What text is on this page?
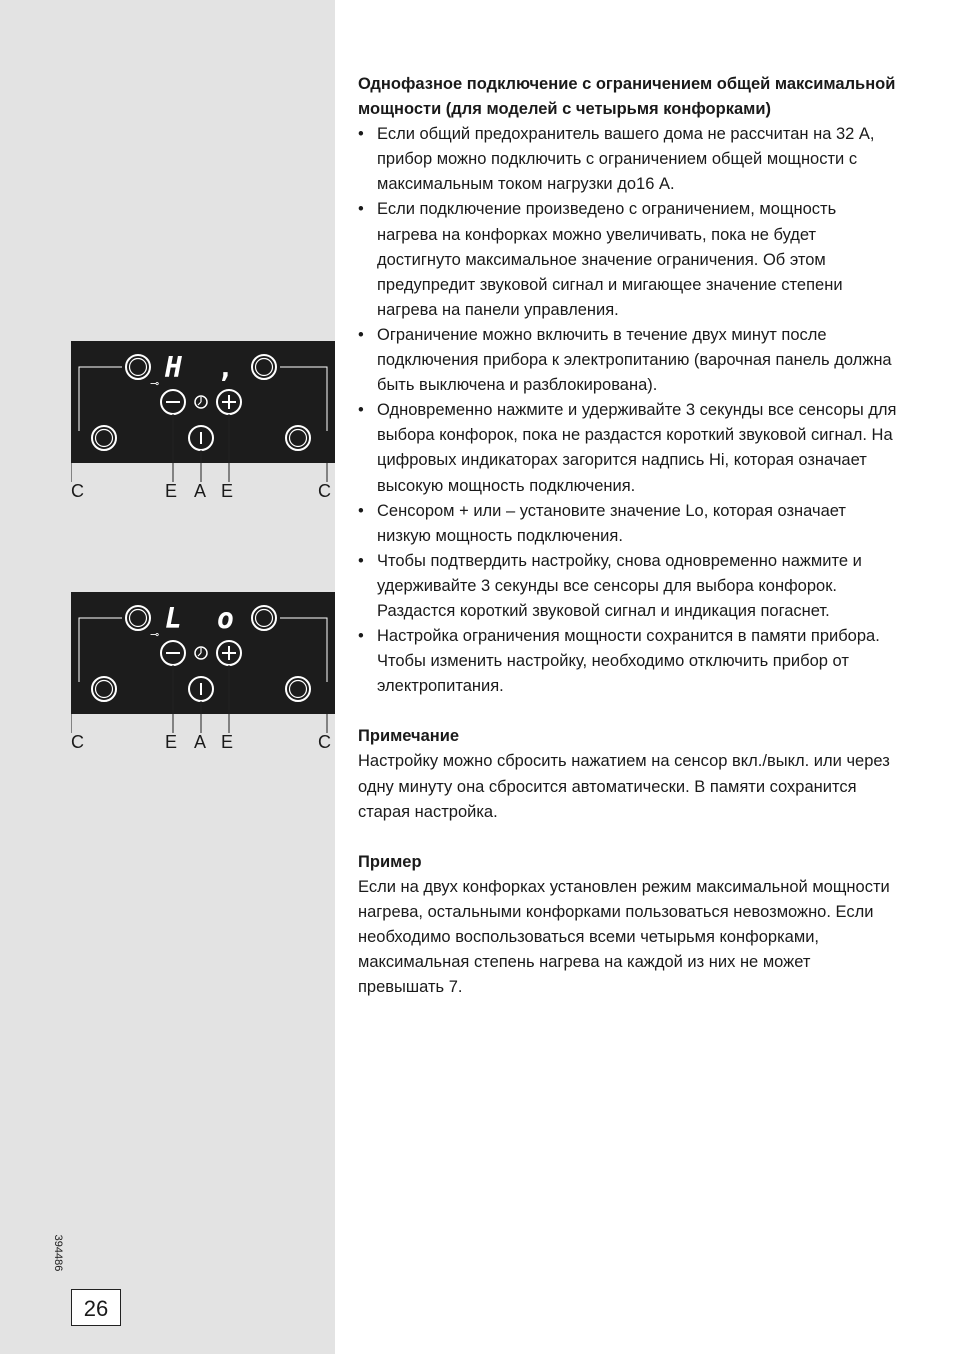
H ,
⊸
C	E A E	C
L o
⊸
C	E A E	C
Однофазное подключение с ограничением общей максимальной мощности (для моделей с четырьмя конфорками)
• Если общий предохранитель вашего дома не рассчитан на 32 А, прибор можно подключить с ограничением общей мощности с максимальным током нагрузки до16 А.
• Если подключение произведено с ограничением, мощность нагрева на конфорках можно увеличивать, пока не будет достигнуто максимальное значение ограничения. Об этом предупредит звуковой сигнал и мигающее значение степени нагрева на панели управления.
• Ограничение можно включить в течение двух минут после подключения прибора к электропитанию (варочная панель должна быть выключена и разблокирована).
• Одновременно нажмите и удерживайте 3 секунды все сенсоры для выбора конфорок, пока не раздастся короткий звуковой сигнал. На цифровых индикаторах загорится надпись Hi, которая означает высокую мощность подключения.
• Сенсором + или – установите значение Lo, которая означает низкую мощность подключения.
• Чтобы подтвердить настройку, снова одновременно нажмите и удерживайте 3 секунды все сенсоры для выбора конфорок. Раздастся короткий звуковой сигнал и индикация погаснет.
• Настройка ограничения мощности сохранится в памяти прибора. Чтобы изменить настройку, необходимо отключить прибор от электропитания.
Примечание

Настройку можно сбросить нажатием на сенсор вкл./выкл. или через одну минуту она сбросится автоматически. В памяти сохранится старая настройка.

Пример

Если на двух конфорках установлен режим максимальной мощности нагрева, остальными конфорками пользоваться невозможно. Если необходимо воспользоваться всеми четырьмя конфорками, максимальная степень нагрева на каждой из них не может превышать 7.

394486
26
